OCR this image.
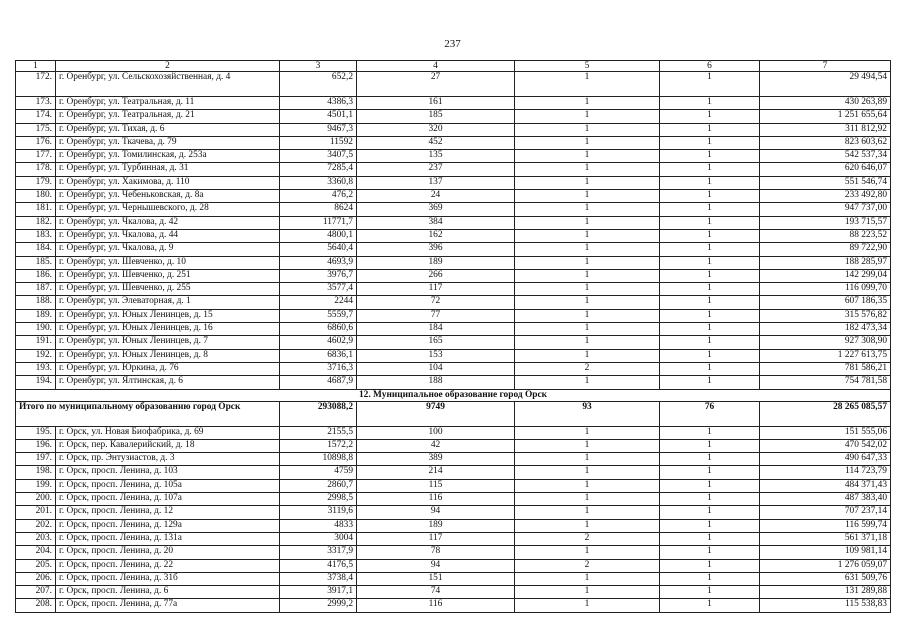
237
1	2	3	4	5	6	7
172.	г. Оренбург, ул. Сельскохозяйственная, д. 4	652,2	27	1	1	29 494,54
173.	г. Оренбург, ул. Театральная, д. 11	4386,3	161	1	1	430 263,89
174.	г. Оренбург, ул. Театральная, д. 21	4501,1	185	1	1	1 251 655,64
175.	г. Оренбург, ул. Тихая, д. 6	9467,3	320	1	1	311 812,92
176.	г. Оренбург, ул. Ткачева, д. 79	11592	452	1	1	823 603,62
177.	г. Оренбург, ул. Томилинская, д. 253а	3407,5	135	1	1	542 537,34
178.	г. Оренбург, ул. Турбинная, д. 31	7285,4	237	1	1	620 646,07
179.	г. Оренбург, ул. Хакимова, д. 110	3360,8	137	1	1	551 546,74
180.	г. Оренбург, ул. Чебеньковская, д. 8а	476,2	24	1	1	233 492,80
181.	г. Оренбург, ул. Чернышевского, д. 28	8624	369	1	1	947 737,00
182.	г. Оренбург, ул. Чкалова, д. 42	11771,7	384	1	1	193 715,57
183.	г. Оренбург, ул. Чкалова, д. 44	4800,1	162	1	1	88 223,52
184.	г. Оренбург, ул. Чкалова, д. 9	5640,4	396	1	1	89 722,90
185.	г. Оренбург, ул. Шевченко, д. 10	4693,9	189	1	1	188 285,97
186.	г. Оренбург, ул. Шевченко, д. 251	3976,7	266	1	1	142 299,04
187.	г. Оренбург, ул. Шевченко, д. 255	3577,4	117	1	1	116 099,70
188.	г. Оренбург, ул. Элеваторная, д. 1	2244	72	1	1	607 186,35
189.	г. Оренбург, ул. Юных Ленинцев, д. 15	5559,7	77	1	1	315 576,82
190.	г. Оренбург, ул. Юных Ленинцев, д. 16	6860,6	184	1	1	182 473,34
191.	г. Оренбург, ул. Юных Ленинцев, д. 7	4602,9	165	1	1	927 308,90
192.	г. Оренбург, ул. Юных Ленинцев, д. 8	6836,1	153	1	1	1 227 613,75
193.	г. Оренбург, ул. Юркина, д. 76	3716,3	104	2	1	781 586,21
194.	г. Оренбург, ул. Ялтинская, д. 6	4687,9	188	1	1	754 781,58
12. Муниципальное образование город Орск						
Итого по муниципальному образованию город Орск		293088,2	9749	93	76	28 265 085,57
195.	г. Орск, ул. Новая Биофабрика, д. 69	2155,5	100	1	1	151 555,06
196.	г. Орск, пер. Кавалерийский, д. 18	1572,2	42	1	1	470 542,02
197.	г. Орск, пр. Энтузиастов, д. 3	10898,8	389	1	1	490 647,33
198.	г. Орск, просп. Ленина, д. 103	4759	214	1	1	114 723,79
199.	г. Орск, просп. Ленина, д. 105а	2860,7	115	1	1	484 371,43
200.	г. Орск, просп. Ленина, д. 107а	2998,5	116	1	1	487 383,40
201.	г. Орск, просп. Ленина, д. 12	3119,6	94	1	1	707 237,14
202.	г. Орск, просп. Ленина, д. 129а	4833	189	1	1	116 599,74
203.	г. Орск, просп. Ленина, д. 131а	3004	117	2	1	561 371,18
204.	г. Орск, просп. Ленина, д. 20	3317,9	78	1	1	109 981,14
205.	г. Орск, просп. Ленина, д. 22	4176,5	94	2	1	1 276 059,07
206.	г. Орск, просп. Ленина, д. 31б	3738,4	151	1	1	631 509,76
207.	г. Орск, просп. Ленина, д. 6	3917,1	74	1	1	131 289,88
208.	г. Орск, просп. Ленина, д. 77а	2999,2	116	1	1	115 538,83
